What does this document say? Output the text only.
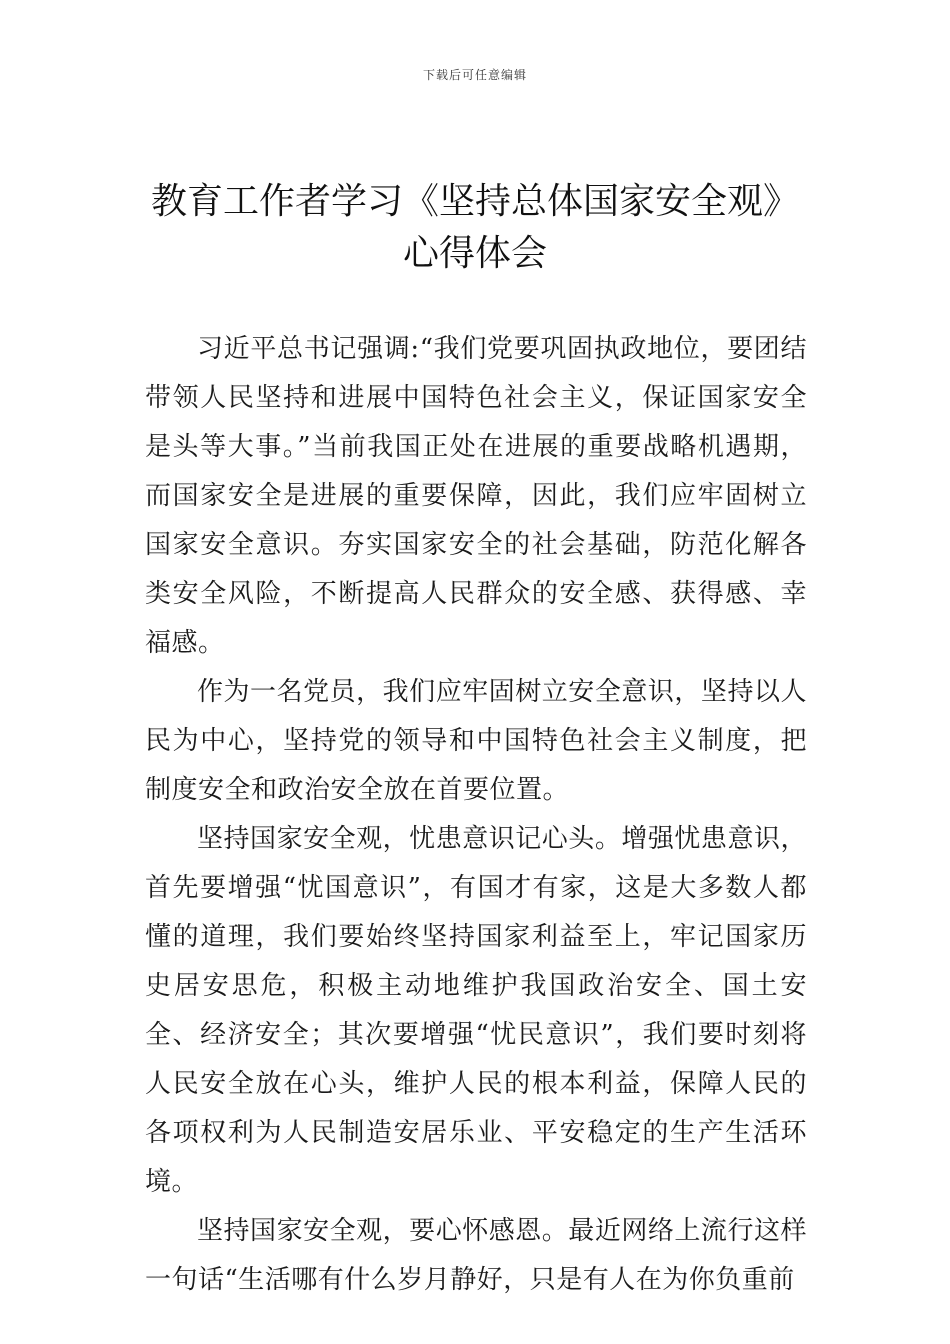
下载后可任意编辑
教育工作者学习《坚持总体国家安全观》
心得体会

习近平总书记强调:“我们党要巩固执政地位，要团结带领人民坚持和进展中国特色社会主义，保证国家安全是头等大事。”当前我国正处在进展的重要战略机遇期，而国家安全是进展的重要保障，因此，我们应牢固树立国家安全意识。夯实国家安全的社会基础，防范化解各类安全风险，不断提高人民群众的安全感、获得感、幸福感。

作为一名党员，我们应牢固树立安全意识，坚持以人民为中心，坚持党的领导和中国特色社会主义制度，把制度安全和政治安全放在首要位置。

坚持国家安全观，忧患意识记心头。增强忧患意识，首先要增强“忧国意识”，有国才有家，这是大多数人都懂的道理，我们要始终坚持国家利益至上，牢记国家历史居安思危，积极主动地维护我国政治安全、国土安全、经济安全；其次要增强“忧民意识”，我们要时刻将人民安全放在心头，维护人民的根本利益，保障人民的各项权利为人民制造安居乐业、平安稳定的生产生活环境。

坚持国家安全观，要心怀感恩。最近网络上流行这样一句话“生活哪有什么岁月静好，只是有人在为你负重前
